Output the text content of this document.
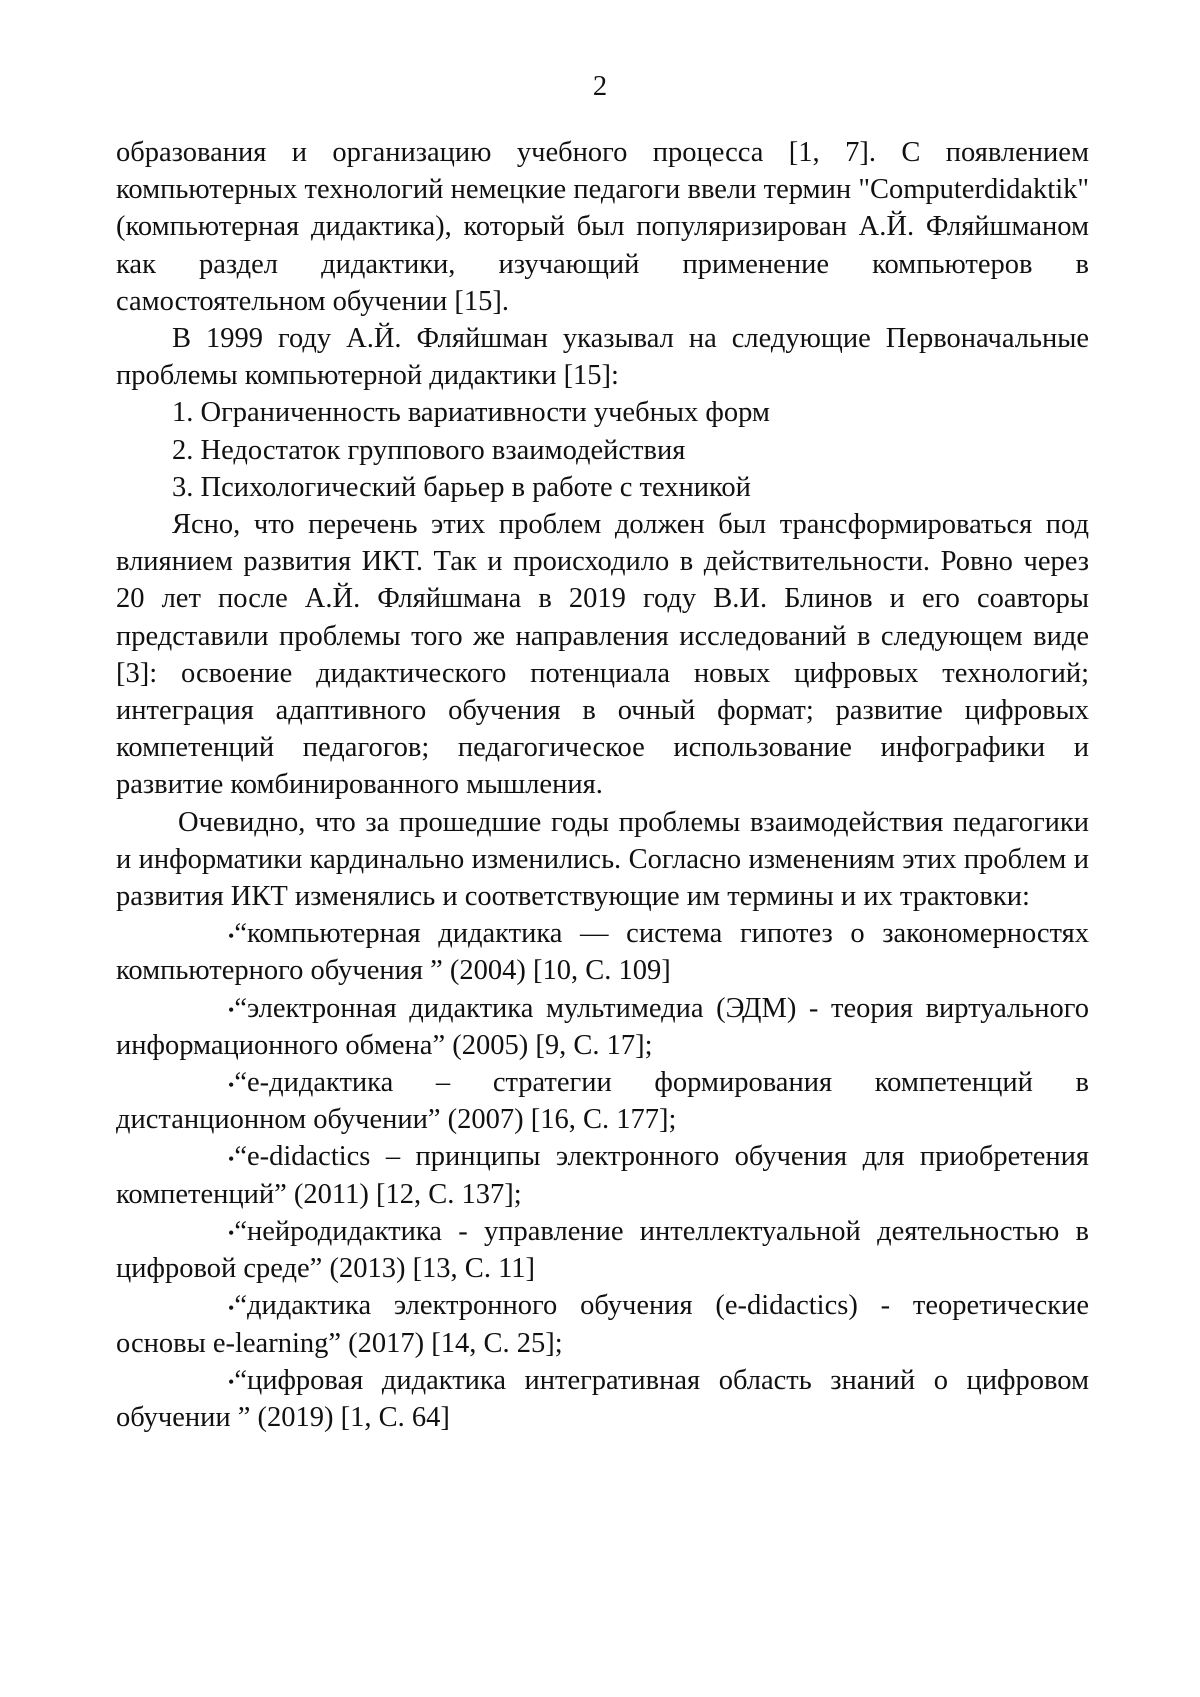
2

образования и организацию учебного процесса [1, 7]. С появлением компьютерных технологий немецкие педагоги ввели термин "Computerdidaktik" (компьютерная дидактика), который был популяризирован А.Й. Фляйшманом как раздел дидактики, изучающий применение компьютеров в самостоятельном обучении [15].

В 1999 году А.Й. Фляйшман указывал на следующие Первоначальные проблемы компьютерной дидактики [15]:

1. Ограниченность вариативности учебных форм

2. Недостаток группового взаимодействия

3. Психологический барьер в работе с техникой

Ясно, что перечень этих проблем должен был трансформироваться под влиянием развития ИКТ. Так и происходило в действительности. Ровно через 20 лет после А.Й. Фляйшмана в 2019 году В.И. Блинов и его соавторы представили проблемы того же направления исследований в следующем виде [3]: освоение дидактического потенциала новых цифровых технологий; интеграция адаптивного обучения в очный формат; развитие цифровых компетенций педагогов; педагогическое использование инфографики и развитие комбинированного мышления.

Очевидно, что за прошедшие годы проблемы взаимодействия педагогики и информатики кардинально изменились. Согласно изменениям этих проблем и развития ИКТ изменялись и соответствующие им термины и их трактовки:

•“компьютерная дидактика — система гипотез о закономерностях компьютерного обучения ” (2004) [10, С. 109]

•“электронная дидактика мультимедиа (ЭДМ) - теория виртуального информационного обмена” (2005) [9, С. 17];

•“е-дидактика – стратегии формирования компетенций в дистанционном обучении” (2007) [16, С. 177];

•“e-didactics – принципы электронного обучения для приобретения компетенций” (2011) [12, С. 137];

•“нейродидактика - управление интеллектуальной деятельностью в цифровой среде” (2013) [13, С. 11]

•“дидактика электронного обучения (e-didactics) - теоретические основы e-learning” (2017) [14, С. 25];

•“цифровая дидактика интегративная область знаний о цифровом обучении ” (2019) [1, С. 64]
